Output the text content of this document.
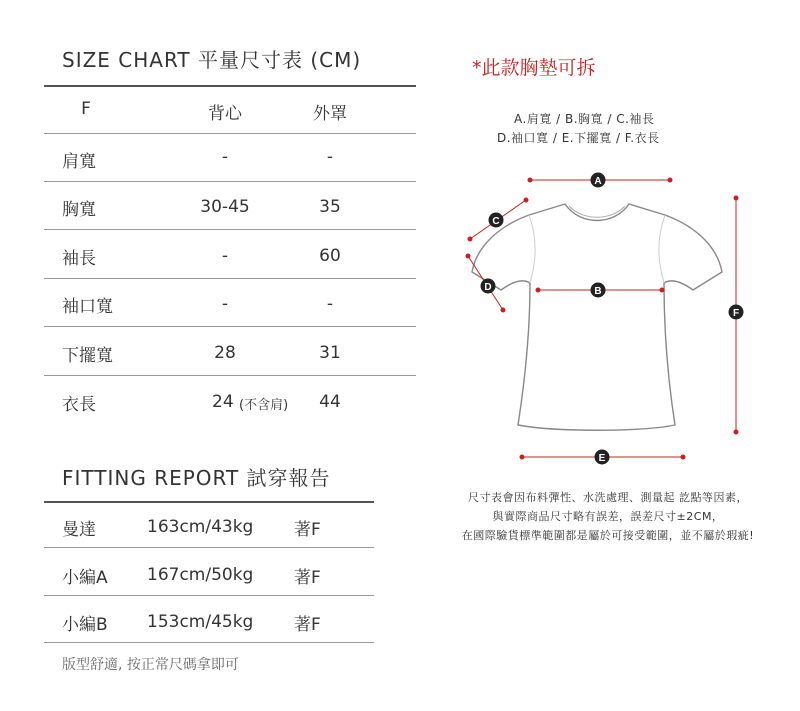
SIZE CHART 平量尺寸表 (CM)
F	背心	外罩
肩寬	-	-
胸寬	30-45	35
袖長	-	60
袖口寬	-	-
下擺寬	28	31
衣長	24 (不含肩) 44
FITTING REPORT 試穿報告
曼達	163cm/43kg 著F
小編A 167cm/50kg 著F
小編B 153cm/45kg 著F
版型舒適, 按正常尺碼拿即可
*此款胸墊可拆
A.肩寬 / B.胸寬 / C.袖長
D.袖口寬 / E.下擺寬 / F.衣長
A
B
C
D
E
F
尺寸表會因布料彈性、水洗處理、測量起 訖點等因素，
與實際商品尺寸略有誤差，誤差尺寸±2CM，
在國際驗貨標準範圍都是屬於可接受範圍，並不屬於瑕疵!
